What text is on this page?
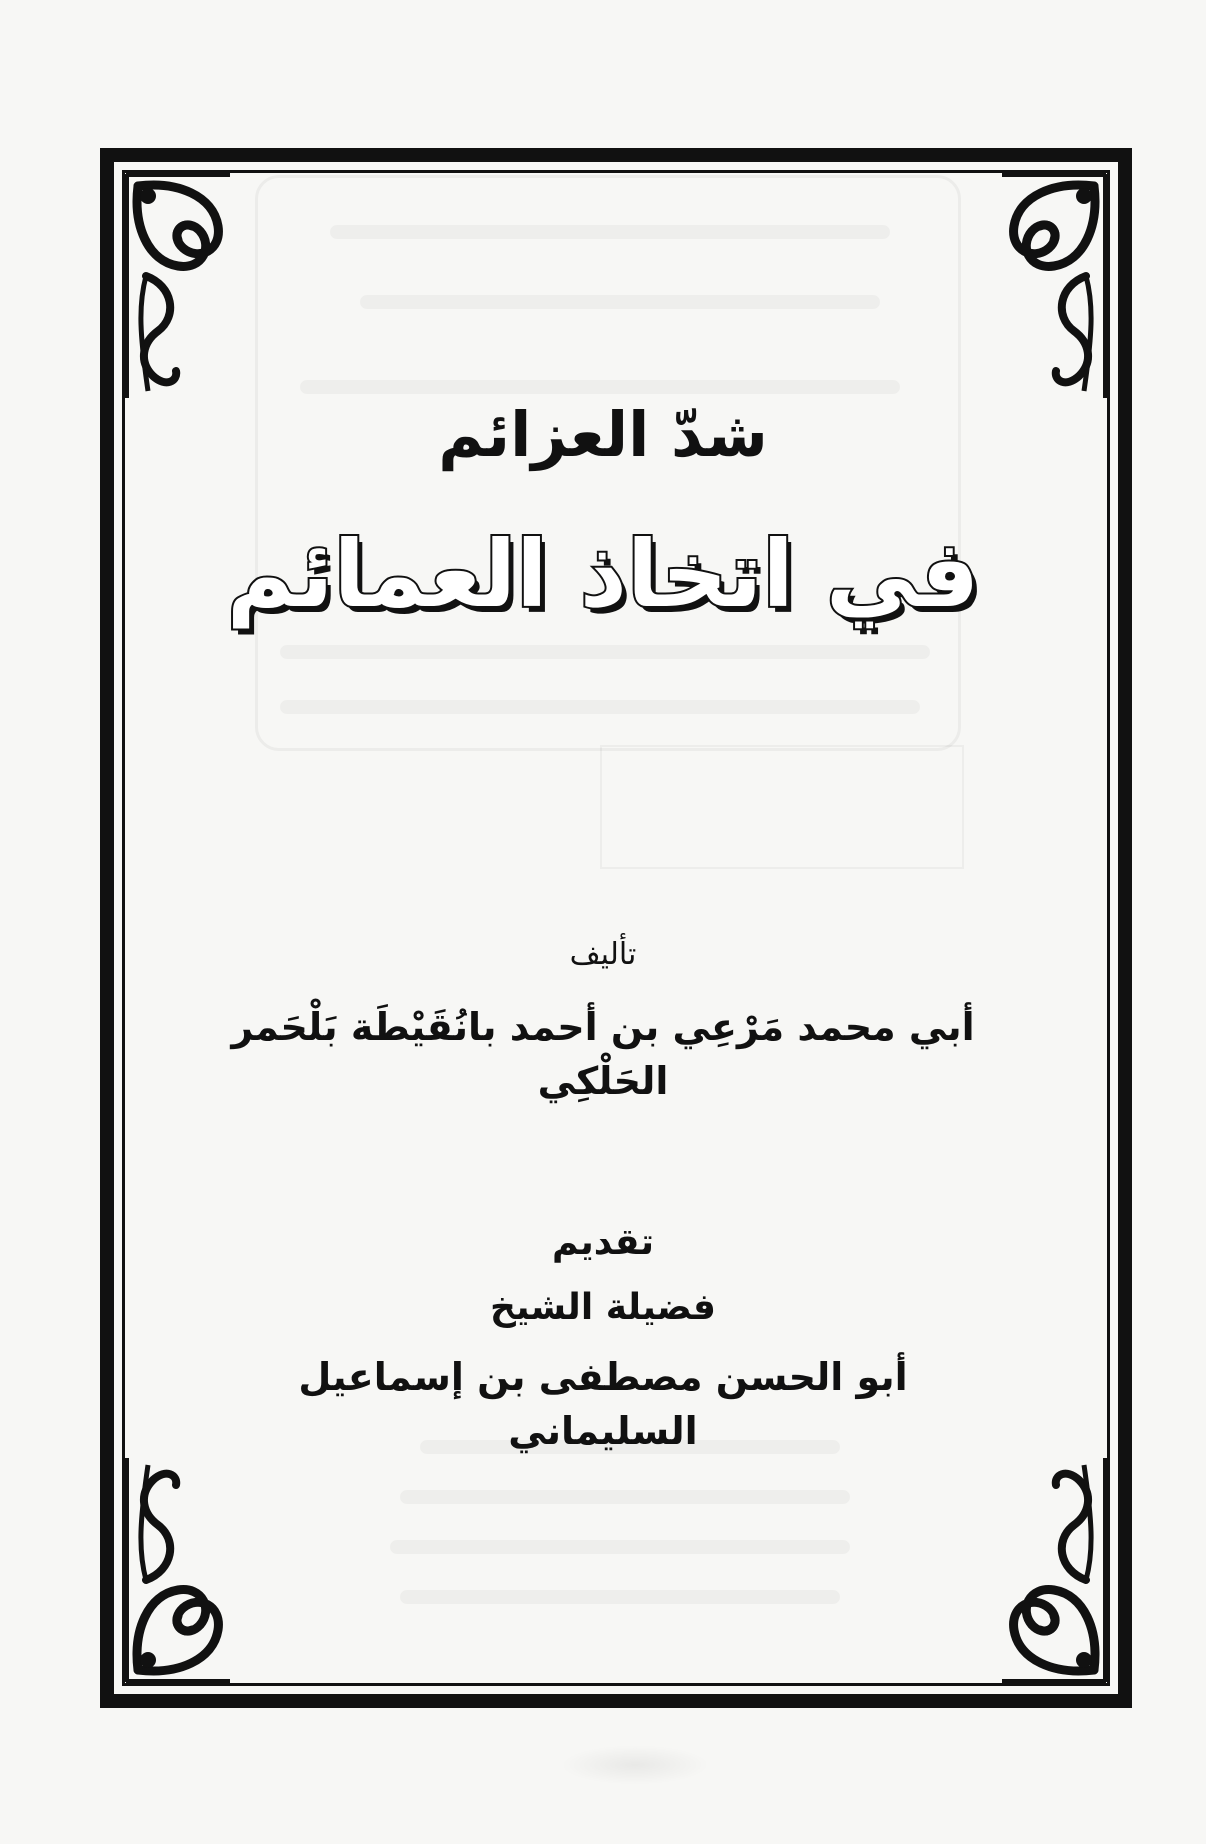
شدّ العزائم
في اتخاذ العمائم
تأليف
أبي محمد مَرْعِي بن أحمد بانُقَيْطَة بَلْحَمر الحَلْكِي
تقديم
فضيلة الشيخ
أبو الحسن مصطفى بن إسماعيل السليماني
